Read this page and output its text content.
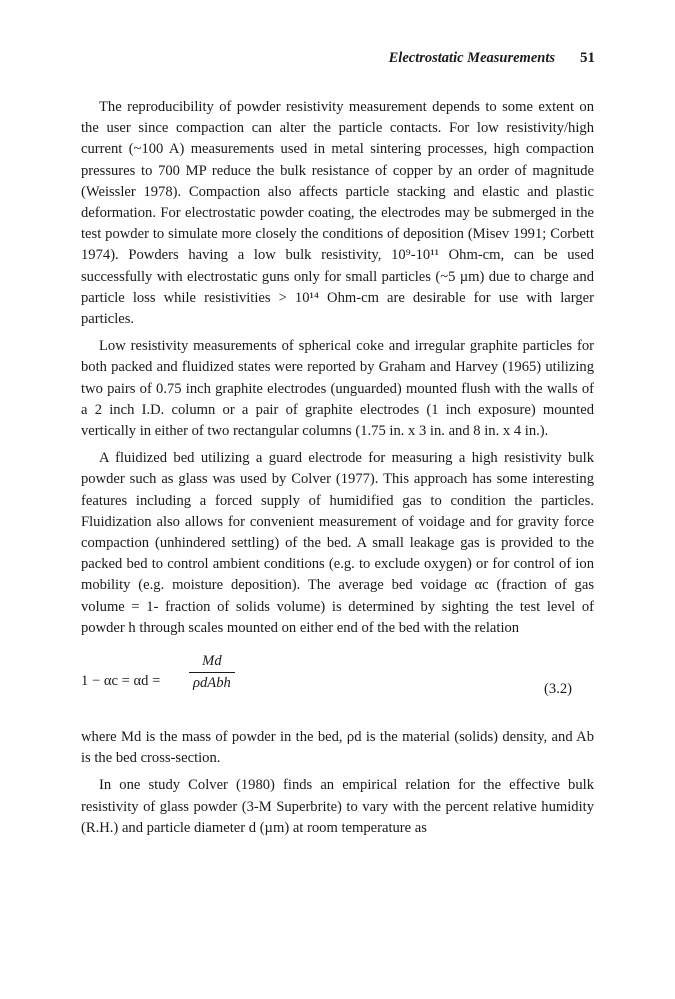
Electrostatic Measurements 51

The reproducibility of powder resistivity measurement depends to some extent on the user since compaction can alter the particle contacts. For low resistivity/high current (~100 A) measurements used in metal sintering processes, high compaction pressures to 700 MP reduce the bulk resistance of copper by an order of magnitude (Weissler 1978). Compaction also affects particle stacking and elastic and plastic deformation. For electrostatic powder coating, the electrodes may be submerged in the test powder to simulate more closely the conditions of deposition (Misev 1991; Corbett 1974). Powders having a low bulk resistivity, 10⁹-10¹¹ Ohm-cm, can be used successfully with electrostatic guns only for small particles (~5 µm) due to charge and particle loss while resistivities > 10¹⁴ Ohm-cm are desirable for use with larger particles.

Low resistivity measurements of spherical coke and irregular graphite particles for both packed and fluidized states were reported by Graham and Harvey (1965) utilizing two pairs of 0.75 inch graphite electrodes (unguarded) mounted flush with the walls of a 2 inch I.D. column or a pair of graphite electrodes (1 inch exposure) mounted vertically in either of two rectangular columns (1.75 in. x 3 in. and 8 in. x 4 in.).

A fluidized bed utilizing a guard electrode for measuring a high resistivity bulk powder such as glass was used by Colver (1977). This approach has some interesting features including a forced supply of humidified gas to condition the particles. Fluidization also allows for convenient measurement of voidage and for gravity force compaction (unhindered settling) of the bed. A small leakage gas is provided to the packed bed to control ambient conditions (e.g. to exclude oxygen) or for control of ion mobility (e.g. moisture deposition). The average bed voidage αc (fraction of gas volume = 1- fraction of solids volume) is determined by sighting the test level of powder h through scales mounted on either end of the bed with the relation

1 − αc = αd =
Md
ρdAbh	(3.2)

where Md is the mass of powder in the bed, ρd is the material (solids) density, and Ab is the bed cross-section.

In one study Colver (1980) finds an empirical relation for the effective bulk resistivity of glass powder (3-M Superbrite) to vary with the percent relative humidity (R.H.) and particle diameter d (µm) at room temperature as
